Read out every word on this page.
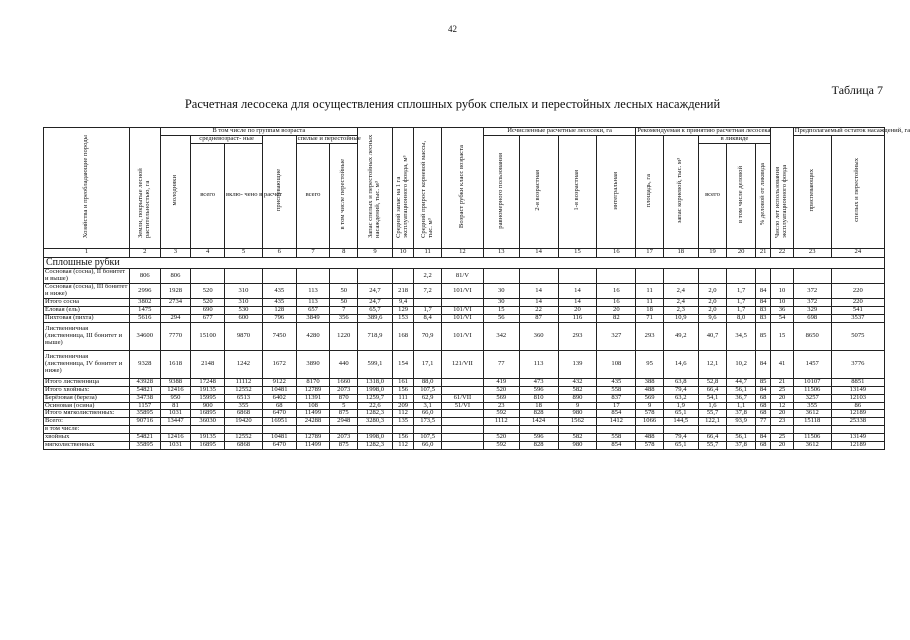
42
Таблица 7
Расчетная лесосека для осуществления сплошных рубок спелых и перестойных лесных насаждений
Хозяйства и преобладающие породы	Земли, покрытые лесной растительностью, га	В том числе по группам возраста						Запас спелых и перестойных лесных насаждений, тыс. м³	Средний запас на 1 га эксплуатационного фонда, м³	Средний прирост корневой массы, тыс. м³	Возраст рубки класс возраста	Исчисленные расчетные лесосеки, га				Рекомендуемая к принятию расчетная лесосека					Число лет использования эксплуатационного фонда	Предполагаемый остаток насаждений, га	
		молодняки	средневозраст- ные		приспевающие	спелые и перестойные						равномерного пользования	2-я возрастная	1-я возрастная	интегральная	площадь, га	запас корневой, тыс. м³	в ликвиде				приспевающих	спелых и перестойных
			всего	вклю- чено в расчет		всего	в том числе перестойные											всего	в том числе деловой	% деловой от ликвида			
1	2	3	4	5	6	7	8	9	10	11	12	13	14	15	16	17	18	19	20	21	22	23	24
Сплошные рубки																							
Сосновая (сосна), II бонитет и выше)	806	806								2,2	81/V												
Сосновая (сосна), III бонитет и ниже)	2996	1928	520	310	435	113	50	24,7	218	7,2	101/VI	30	14	14	16	11	2,4	2,0	1,7	84	10	372	220
Итого сосна	3802	2734	520	310	435	113	50	24,7	9,4			30	14	14	16	11	2,4	2,0	1,7	84	10	372	220
Еловая (ель)	1475		690	530	128	657	7	65,7	129	1,7	101/VI	15	22	20	20	18	2,3	2,0	1,7	83	36	329	541
Пихтовая (пихта)	5616	294	677	600	796	3849	356	389,6	153	8,4	101/VI	56	87	116	82	71	10,9	9,6	8,0	83	54	698	3537
Лиственничная (лиственница, III бонитет и выше)	34600	7770	15100	9870	7450	4280	1220	718,9	168	70,9	101/VI	342	360	293	327	293	49,2	40,7	34,5	85	15	8650	5075
Лиственничная (лиственница, IV бонитет и ниже)	9328	1618	2148	1242	1672	3890	440	599,1	154	17,1	121/VII	77	113	139	108	95	14,6	12,1	10,2	84	41	1457	3776
Итого лиственница	43928	9388	17248	11112	9122	8170	1660	1318,0	161	88,0		419	473	432	435	388	63,8	52,8	44,7	85	21	10107	8851
Итого хвойных:	54821	12416	19135	12552	10481	12789	2073	1998,0	156	107,5		520	596	582	558	488	79,4	66,4	56,1	84	25	11506	13149
Берёзовая (береза)	34738	950	15995	6513	6402	11391	870	1259,7	111	62,9	61/VII	569	810	890	837	569	63,2	54,1	36,7	68	20	3257	12103
Осиновая (осина)	1157	81	900	355	68	108	5	22,6	209	3,1	51/VI	23	18	9	17	9	1,9	1,6	1,1	68	12	355	86
Итого мягколиственных:	35895	1031	16895	6868	6470	11499	875	1282,3	112	66,0		592	828	980	854	578	65,1	55,7	37,8	68	20	3612	12189
Всего:	90716	13447	36030	19420	16951	24288	2948	3280,3	135	173,5		1112	1424	1562	1412	1066	144,5	122,1	93,9	77	23	15118	25338
в том числе:																							
хвойных	54821	12416	19135	12552	10481	12789	2073	1998,0	156	107,5		520	596	582	558	488	79,4	66,4	56,1	84	25	11506	13149
мягколиственных	35895	1031	16895	6868	6470	11499	875	1282,3	112	66,0		592	828	980	854	578	65,1	55,7	37,8	68	20	3612	12189
